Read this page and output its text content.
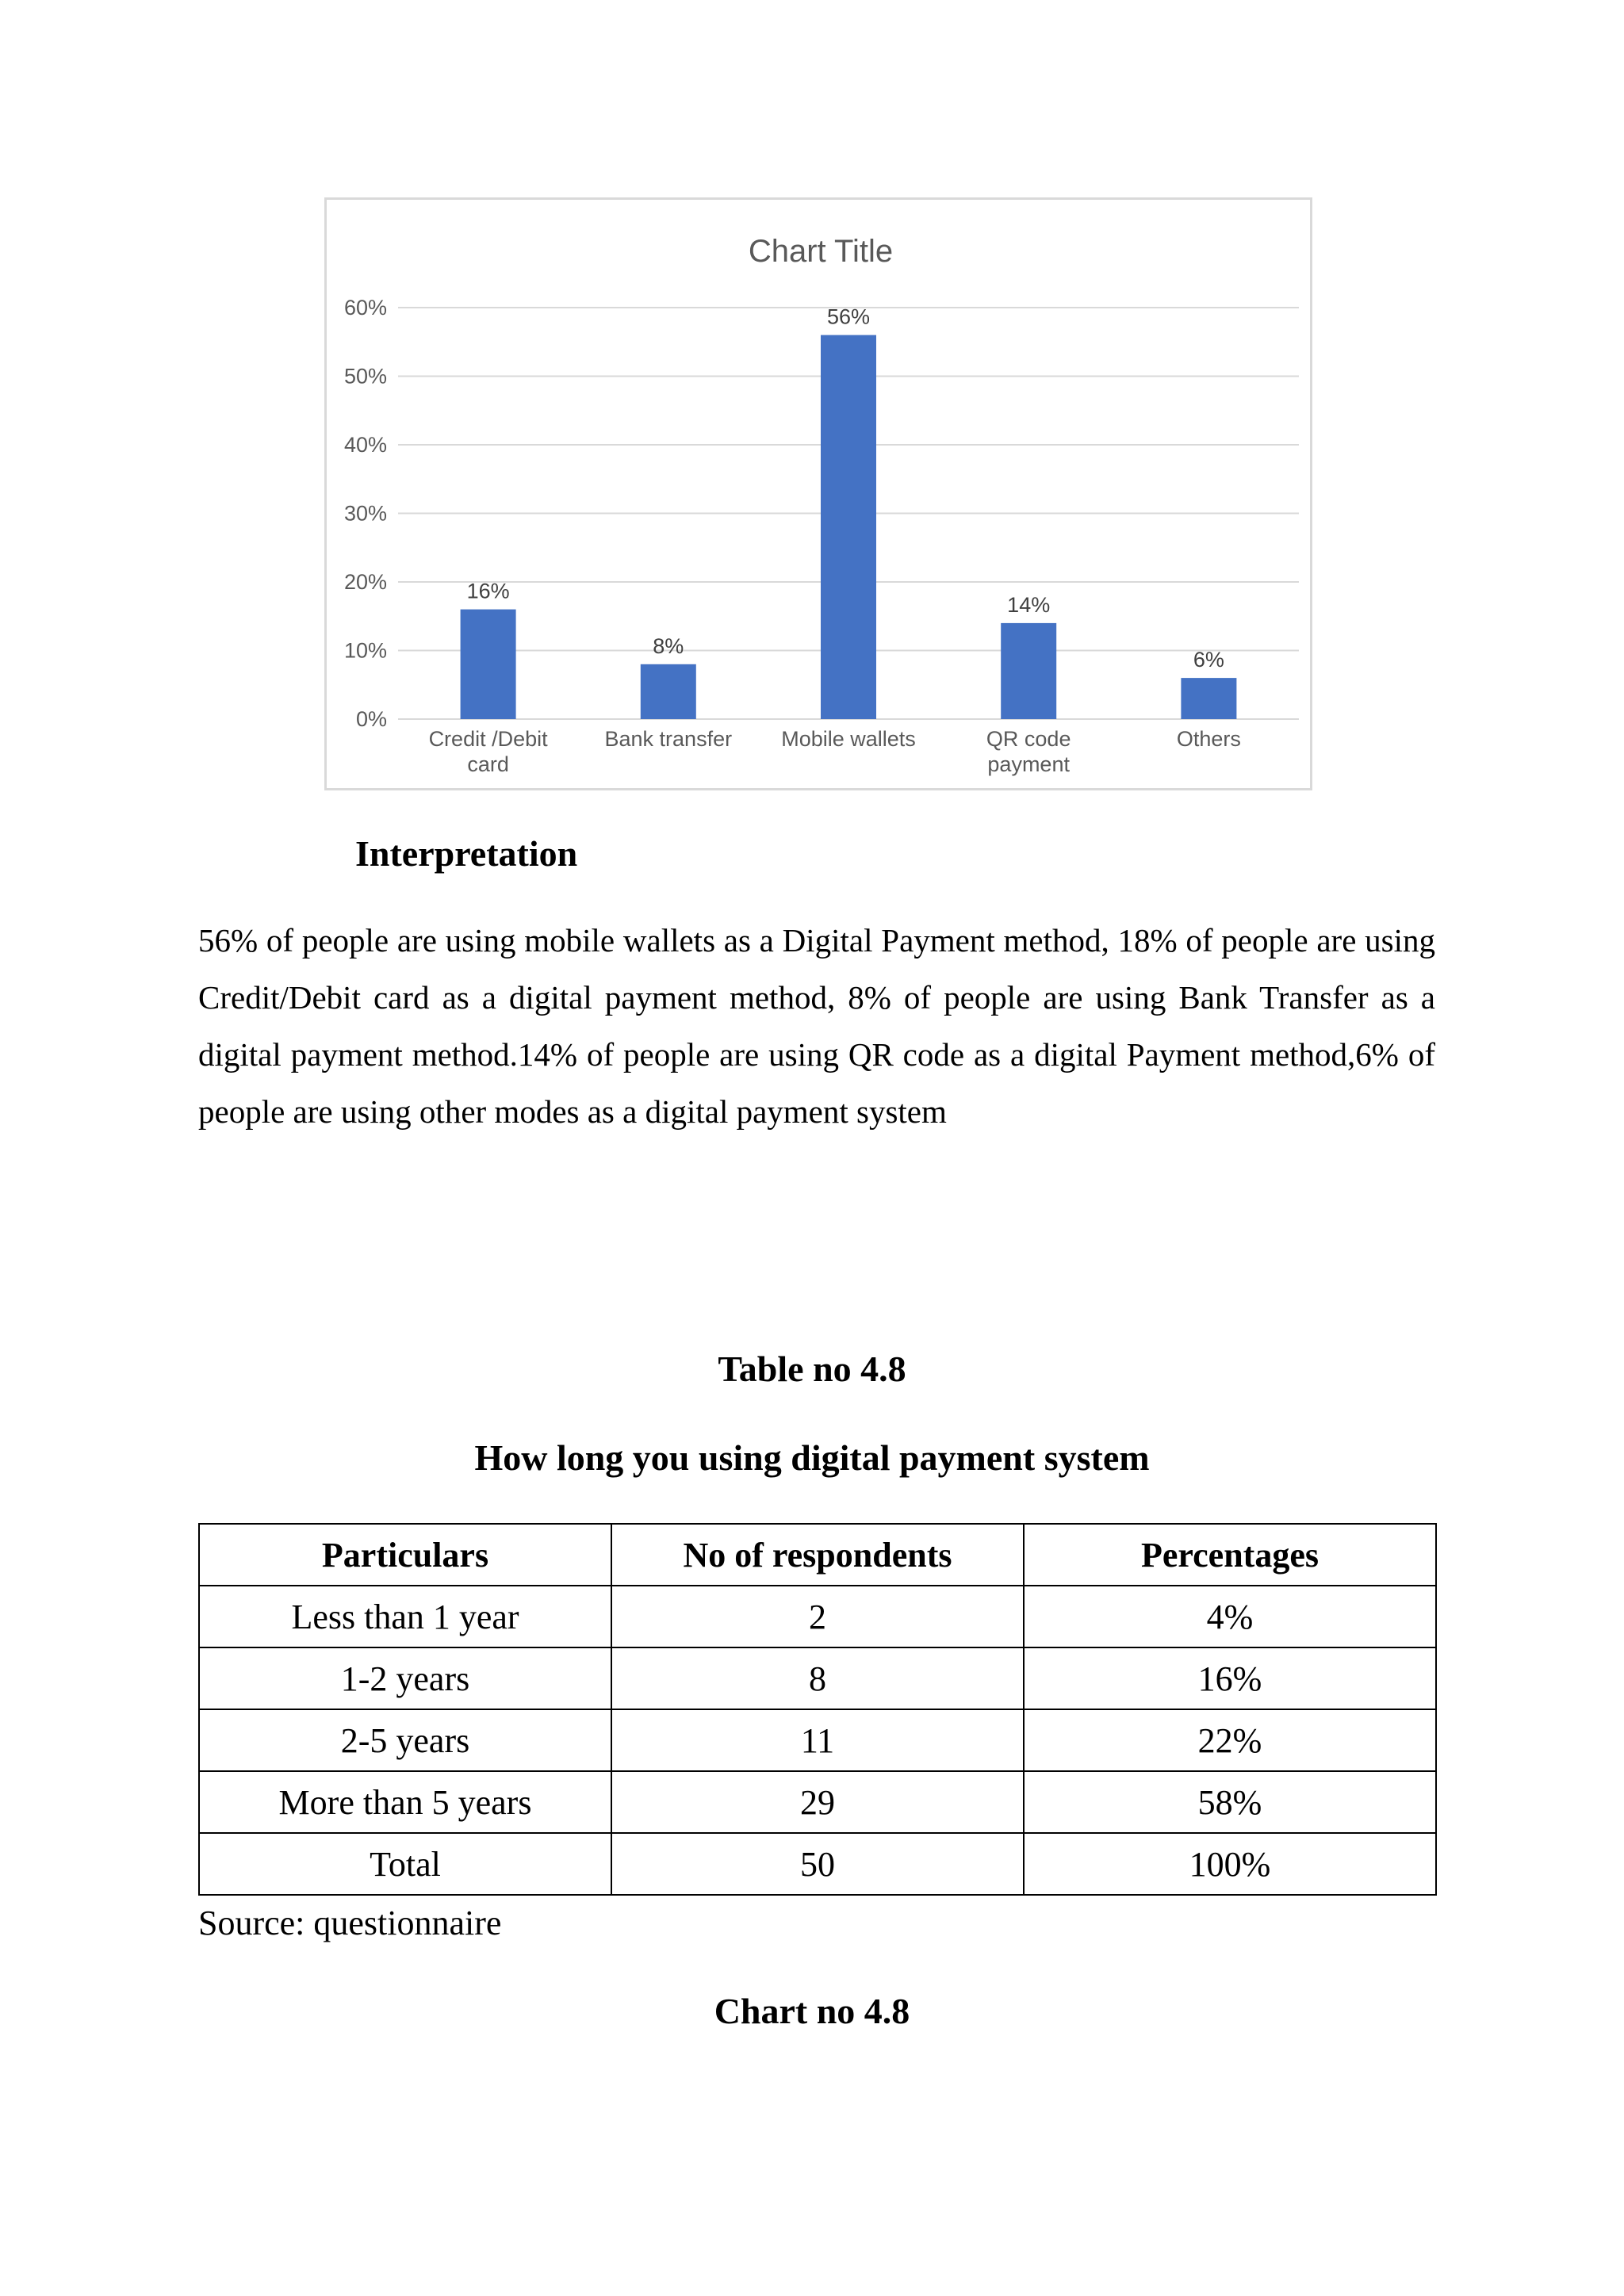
Chart Title
0%
10%
20%
30%
40%
50%
60%
16%
8%
56%
14%
6%
Credit /Debit
card
Bank transfer Mobile wallets	QR code
payment
Others
Interpretation

56% of people are using mobile wallets as a Digital Payment method, 18% of people are using Credit/Debit card as a digital payment method, 8% of people are using Bank Transfer as a digital payment method.14% of people are using QR code as a digital Payment method,6% of people are using other modes as a digital payment system

Table no 4.8
How long you using digital payment system
Particulars	No of respondents	Percentages
Less than 1 year	2	4%
1-2 years	8	16%
2-5 years	11	22%
More than 5 years	29	58%
Total	50	100%
Source: questionnaire
Chart no 4.8
